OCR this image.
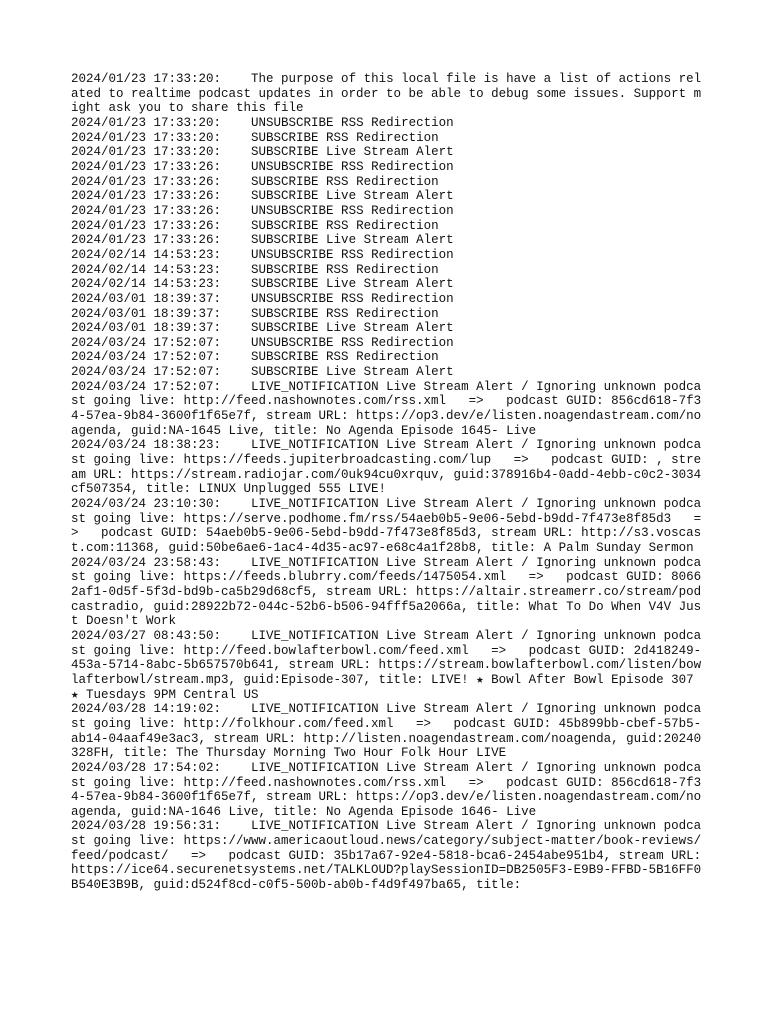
2024/01/23 17:33:20: The purpose of this local file is have a list of actions related to realtime podcast updates in order to be able to debug some issues. Support might ask you to share this file
2024/01/23 17:33:20: UNSUBSCRIBE RSS Redirection
2024/01/23 17:33:20: SUBSCRIBE RSS Redirection
2024/01/23 17:33:20: SUBSCRIBE Live Stream Alert
2024/01/23 17:33:26: UNSUBSCRIBE RSS Redirection
2024/01/23 17:33:26: SUBSCRIBE RSS Redirection
2024/01/23 17:33:26: SUBSCRIBE Live Stream Alert
2024/01/23 17:33:26: UNSUBSCRIBE RSS Redirection
2024/01/23 17:33:26: SUBSCRIBE RSS Redirection
2024/01/23 17:33:26: SUBSCRIBE Live Stream Alert
2024/02/14 14:53:23: UNSUBSCRIBE RSS Redirection
2024/02/14 14:53:23: SUBSCRIBE RSS Redirection
2024/02/14 14:53:23: SUBSCRIBE Live Stream Alert
2024/03/01 18:39:37: UNSUBSCRIBE RSS Redirection
2024/03/01 18:39:37: SUBSCRIBE RSS Redirection
2024/03/01 18:39:37: SUBSCRIBE Live Stream Alert
2024/03/24 17:52:07: UNSUBSCRIBE RSS Redirection
2024/03/24 17:52:07: SUBSCRIBE RSS Redirection
2024/03/24 17:52:07: SUBSCRIBE Live Stream Alert
2024/03/24 17:52:07: LIVE_NOTIFICATION Live Stream Alert / Ignoring unknown podcast going live: http://feed.nashownotes.com/rss.xml   =>   podcast GUID: 856cd618-7f34-57ea-9b84-3600f1f65e7f, stream URL: https://op3.dev/e/listen.noagendastream.com/noagenda, guid:NA-1645 Live, title: No Agenda Episode 1645- Live
2024/03/24 18:38:23: LIVE_NOTIFICATION Live Stream Alert / Ignoring unknown podcast going live: https://feeds.jupiterbroadcasting.com/lup   =>   podcast GUID: , stream URL: https://stream.radiojar.com/0uk94cu0xrquv, guid:378916b4-0add-4ebb-c0c2-3034cf507354, title: LINUX Unplugged 555 LIVE!
2024/03/24 23:10:30: LIVE_NOTIFICATION Live Stream Alert / Ignoring unknown podcast going live: https://serve.podhome.fm/rss/54aeb0b5-9e06-5ebd-b9dd-7f473e8f85d3   =>   podcast GUID: 54aeb0b5-9e06-5ebd-b9dd-7f473e8f85d3, stream URL: http://s3.voscast.com:11368, guid:50be6ae6-1ac4-4d35-ac97-e68c4a1f28b8, title: A Palm Sunday Sermon
2024/03/24 23:58:43: LIVE_NOTIFICATION Live Stream Alert / Ignoring unknown podcast going live: https://feeds.blubrry.com/feeds/1475054.xml   =>   podcast GUID: 80662af1-0d5f-5f3d-bd9b-ca5b29d68cf5, stream URL: https://altair.streamerr.co/stream/podcastradio, guid:28922b72-044c-52b6-b506-94fff5a2066a, title: What To Do When V4V Just Doesn't Work
2024/03/27 08:43:50: LIVE_NOTIFICATION Live Stream Alert / Ignoring unknown podcast going live: http://feed.bowlafterbowl.com/feed.xml   =>   podcast GUID: 2d418249-453a-5714-8abc-5b657570b641, stream URL: https://stream.bowlafterbowl.com/listen/bowlafterbowl/stream.mp3, guid:Episode-307, title: LIVE! ★ Bowl After Bowl Episode 307 ★ Tuesdays 9PM Central US
2024/03/28 14:19:02: LIVE_NOTIFICATION Live Stream Alert / Ignoring unknown podcast going live: http://folkhour.com/feed.xml   =>   podcast GUID: 45b899bb-cbef-57b5-ab14-04aaf49e3ac3, stream URL: http://listen.noagendastream.com/noagenda, guid:20240328FH, title: The Thursday Morning Two Hour Folk Hour LIVE
2024/03/28 17:54:02: LIVE_NOTIFICATION Live Stream Alert / Ignoring unknown podcast going live: http://feed.nashownotes.com/rss.xml   =>   podcast GUID: 856cd618-7f34-57ea-9b84-3600f1f65e7f, stream URL: https://op3.dev/e/listen.noagendastream.com/noagenda, guid:NA-1646 Live, title: No Agenda Episode 1646- Live
2024/03/28 19:56:31: LIVE_NOTIFICATION Live Stream Alert / Ignoring unknown podcast going live: https://www.americaoutloud.news/category/subject-matter/book-reviews/feed/podcast/   =>   podcast GUID: 35b17a67-92e4-5818-bca6-2454abe951b4, stream URL: https://ice64.securenetsystems.net/TALKLOUD?playSessionID=DB2505F3-E9B9-FFBD-5B16FF0B540E3B9B, guid:d524f8cd-c0f5-500b-ab0b-f4d9f497ba65, title:
